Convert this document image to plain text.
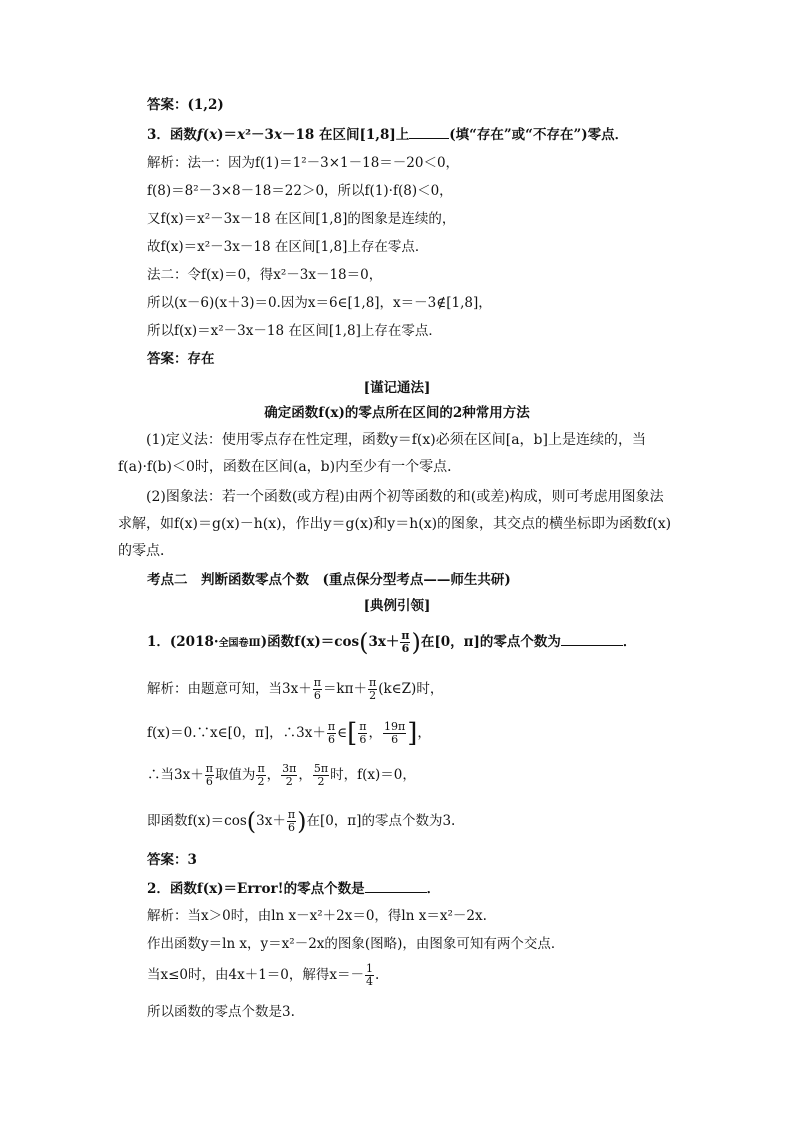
答案：(1,2)
3．函数f(x)＝x²－3x－18 在区间[1,8]上	(填“存在”或“不存在”)零点．
解析：法一：因为f(1)＝1²－3×1－18＝－20＜0，
f(8)＝8²－3×8－18＝22＞0，所以f(1)·f(8)＜0，
又f(x)＝x²－3x－18 在区间[1,8]的图象是连续的，
故f(x)＝x²－3x－18 在区间[1,8]上存在零点．
法二：令f(x)＝0，得x²－3x－18＝0，
所以(x－6)(x＋3)＝0.因为x＝6∈[1,8]，x＝－3∉[1,8]，
所以f(x)＝x²－3x－18 在区间[1,8]上存在零点．
答案：存在
[谨记通法]
确定函数f(x)的零点所在区间的2种常用方法
(1)定义法：使用零点存在性定理，函数y＝f(x)必须在区间[a，b]上是连续的，当f(a)·f(b)＜0时，函数在区间(a，b)内至少有一个零点．
(2)图象法：若一个函数(或方程)由两个初等函数的和(或差)构成，则可考虑用图象法求解，如f(x)＝g(x)－h(x)，作出y＝g(x)和y＝h(x)的图象，其交点的横坐标即为函数f(x)的零点．
考点二　判断函数零点个数　(重点保分型考点——师生共研)
[典例引领]
1．(2018·全国卷Ⅲ)函数$f(x)=\cos(3x+ \frac{\pi}{6}$ )在[0，π]的零点个数为	．
解析：由题意可知，当$3x+ \frac{\pi}{6} =k\pi+ \frac{\pi}{2}$ (k∈Z)时，
f(x)＝0.∵x∈[0，π]，∴3x＋ $\frac{\pi}{6}$ ∈[ $\frac{\pi}{6}$ ， $\frac{19\pi}{6}$ ]，
∴当$3x+ \frac{\pi}{6}$ 取值为 $\frac{\pi}{2}$ ， $\frac{3\pi}{2}$ ， $\frac{5\pi}{2}$ 时，f(x)＝0，
即函数$f(x)=\cos(3x+ \frac{\pi}{6}$ )在[0，π]的零点个数为3.
答案：3
2．函数f(x)＝Error!的零点个数是	．
解析：当x＞0时，由ln x－x²＋2x＝0，得ln x＝x²－2x.
作出函数y＝ln x，y＝x²－2x的图象(图略)，由图象可知有两个交点．
当x≤0时，由4x＋1＝0，解得$x=- \frac{1}{4}$ .
所以函数的零点个数是3.
